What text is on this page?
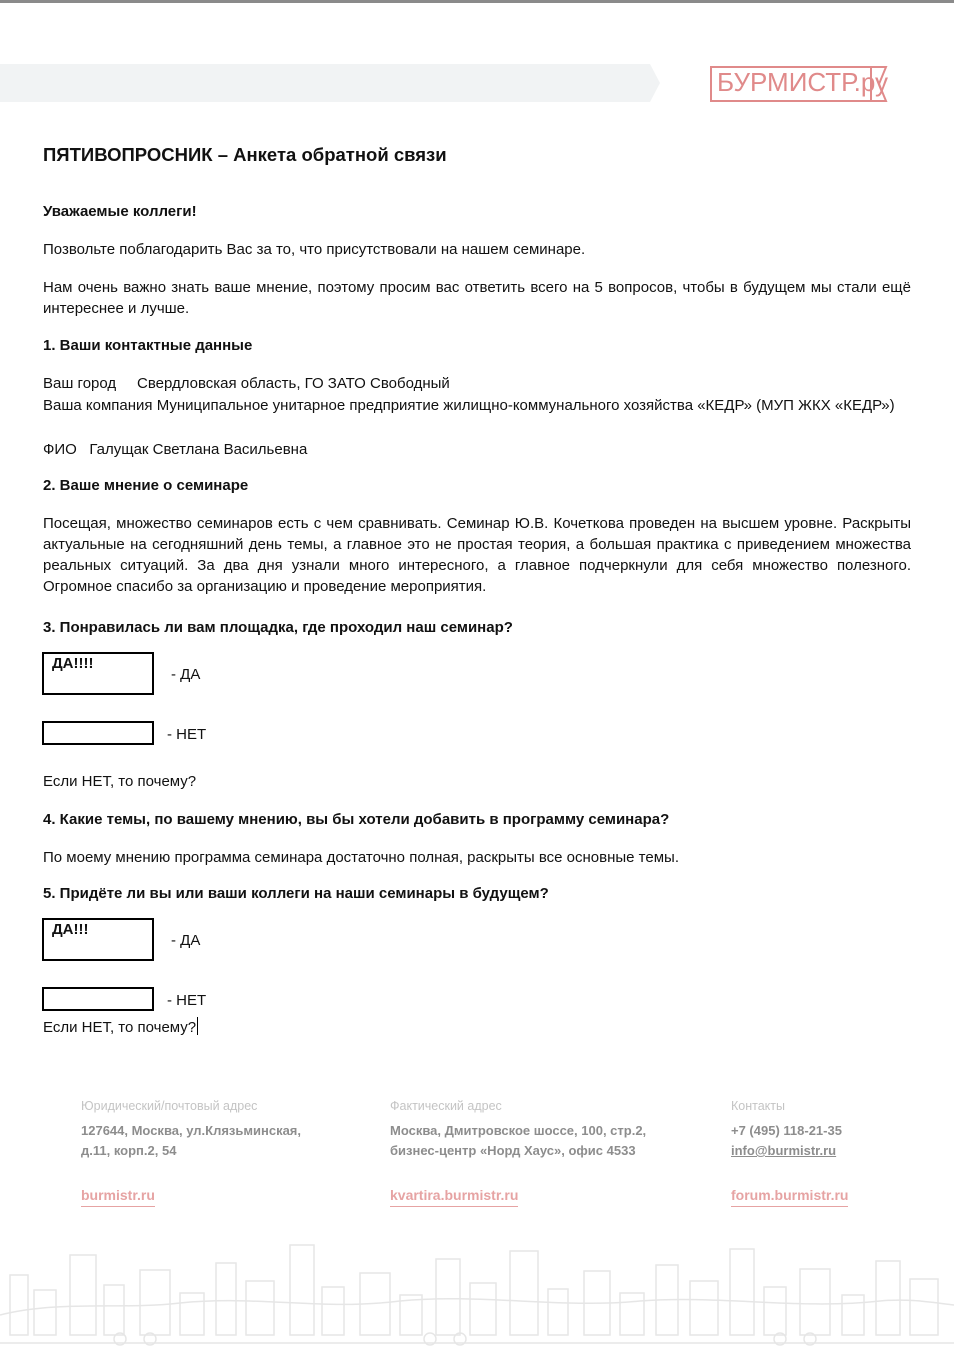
БУРМИСТР.ру
ПЯТИВОПРОСНИК – Анкета обратной связи
Уважаемые коллеги!
Позвольте поблагодарить Вас за то, что присутствовали на нашем семинаре.
Нам очень важно знать ваше мнение, поэтому просим вас ответить всего на 5 вопросов, чтобы в будущем мы стали ещё интереснее и лучше.
1. Ваши контактные данные
Ваш город Свердловская область, ГО ЗАТО Свободный
Ваша компания Муниципальное унитарное предприятие жилищно-коммунального хозяйства «КЕДР» (МУП ЖКХ «КЕДР»)
ФИО Галущак Светлана Васильевна
2. Ваше мнение о семинаре
Посещая, множество семинаров есть с чем сравнивать. Семинар Ю.В. Кочеткова проведен на высшем уровне. Раскрыты актуальные на сегодняшний день темы, а главное это не простая теория, а большая практика с приведением множества реальных ситуаций. За два дня узнали много интересного, а главное подчеркнули для себя множество полезного. Огромное спасибо за организацию и проведение мероприятия.
3. Понравилась ли вам площадка, где проходил наш семинар?
ДА!!!!
- ДА
- НЕТ
Если НЕТ, то почему?
4. Какие темы, по вашему мнению, вы бы хотели добавить в программу семинара?
По моему мнению программа семинара достаточно полная, раскрыты все основные темы.
5. Придёте ли вы или ваши коллеги на наши семинары в будущем?
ДА!!!
- ДА
- НЕТ
Если НЕТ, то почему?
Юридический/почтовый адрес
127644, Москва, ул.Клязьминская,
д.11, корп.2, 54
burmistr.ru
Фактический адрес
Москва, Дмитровское шоссе, 100, стр.2,
бизнес-центр «Норд Хаус», офис 4533
kvartira.burmistr.ru
Контакты
+7 (495) 118-21-35
info@burmistr.ru
forum.burmistr.ru
